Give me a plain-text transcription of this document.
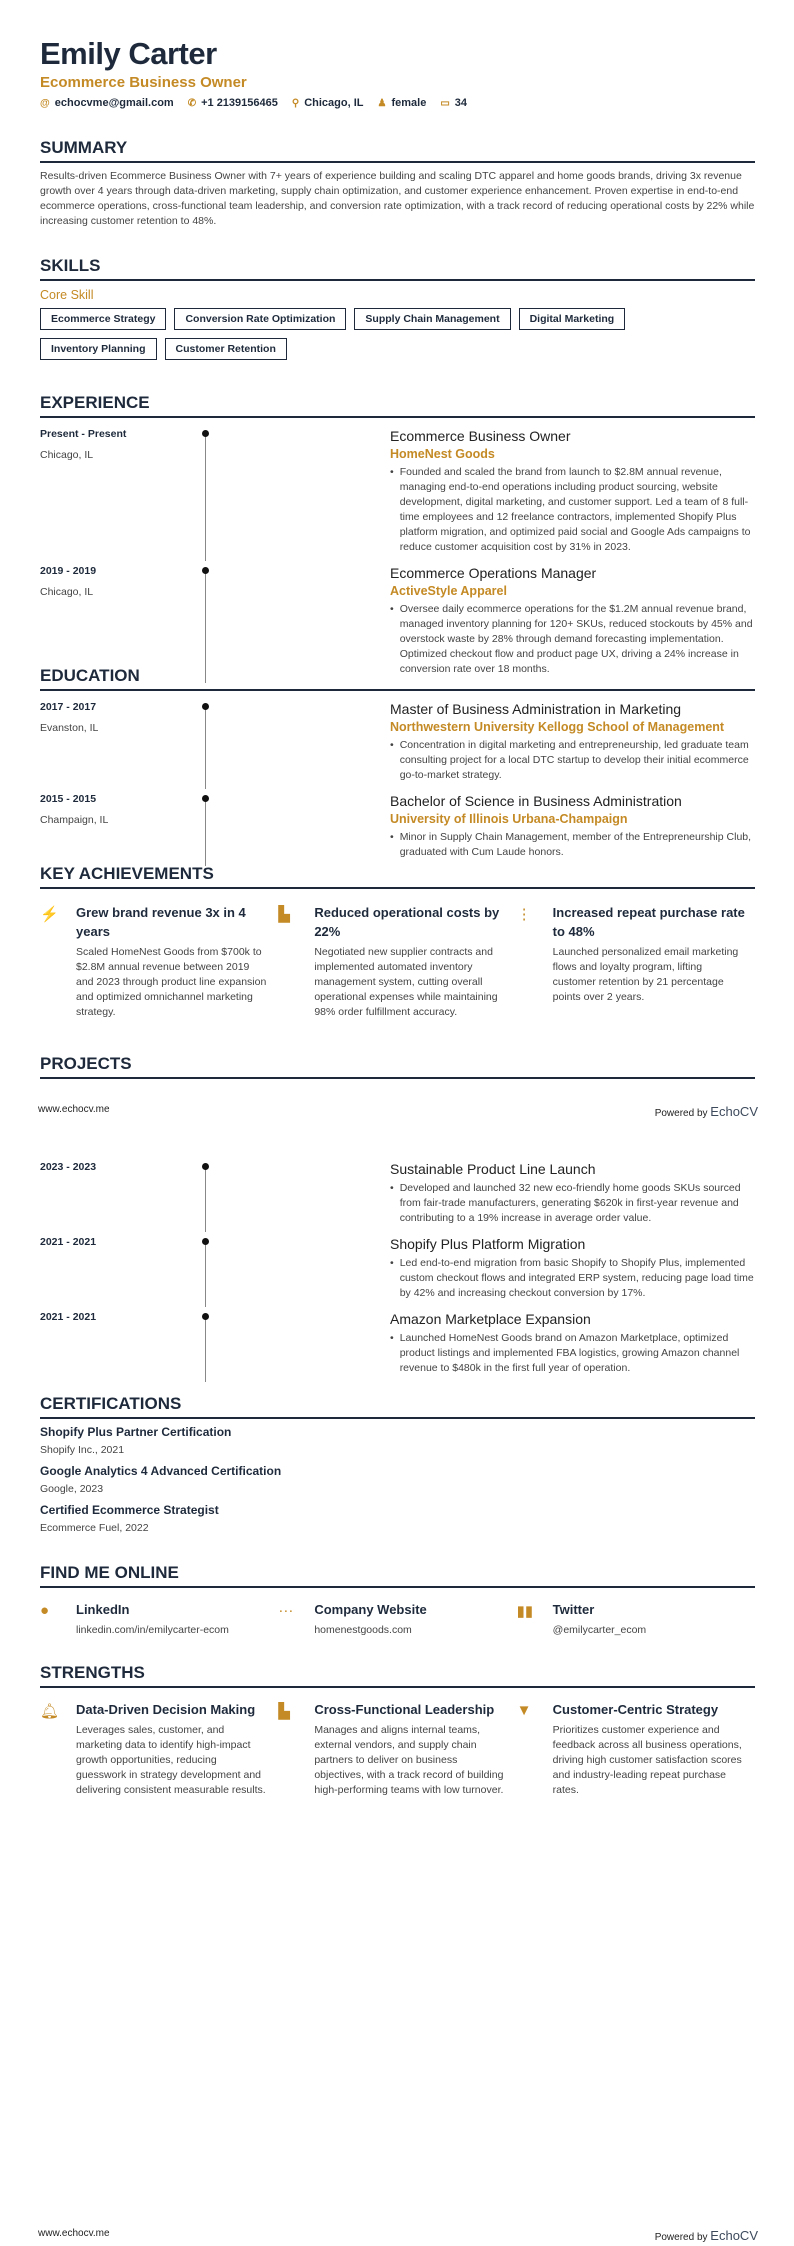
Emily Carter
Ecommerce Business Owner
@ echocvme@gmail.com ✆ +1 2139156465 ⚲ Chicago, IL ♟ female ▭ 34
SUMMARY
Results-driven Ecommerce Business Owner with 7+ years of experience building and scaling DTC apparel and home goods brands, driving 3x revenue growth over 4 years through data-driven marketing, supply chain optimization, and customer experience enhancement. Proven expertise in end-to-end ecommerce operations, cross-functional team leadership, and conversion rate optimization, with a track record of reducing operational costs by 22% while increasing customer retention to 48%.
SKILLS
Core Skill
Ecommerce Strategy	Conversion Rate Optimization	Supply Chain Management	Digital Marketing
Inventory Planning	Customer Retention
EXPERIENCE
Present - Present
Chicago, IL
Ecommerce Business Owner
HomeNest Goods
• Founded and scaled the brand from launch to $2.8M annual revenue, managing end-to-end operations including product sourcing, website development, digital marketing, and customer support. Led a team of 8 full-time employees and 12 freelance contractors, implemented Shopify Plus platform migration, and optimized paid social and Google Ads campaigns to reduce customer acquisition cost by 31% in 2023.
2019 - 2019
Chicago, IL
Ecommerce Operations Manager
ActiveStyle Apparel
• Oversee daily ecommerce operations for the $1.2M annual revenue brand, managed inventory planning for 120+ SKUs, reduced stockouts by 45% and overstock waste by 28% through demand forecasting implementation. Optimized checkout flow and product page UX, driving a 24% increase in conversion rate over 18 months.
EDUCATION
2017 - 2017
Evanston, IL
Master of Business Administration in Marketing
Northwestern University Kellogg School of Management
• Concentration in digital marketing and entrepreneurship, led graduate team consulting project for a local DTC startup to develop their initial ecommerce go-to-market strategy.
2015 - 2015
Champaign, IL
Bachelor of Science in Business Administration
University of Illinois Urbana-Champaign
• Minor in Supply Chain Management, member of the Entrepreneurship Club, graduated with Cum Laude honors.
KEY ACHIEVEMENTS
⚡	Grew brand revenue 3x in 4 years
Scaled HomeNest Goods from $700k to $2.8M annual revenue between 2019 and 2023 through product line expansion and optimized omnichannel marketing strategy.
▙	Reduced operational costs by 22%
Negotiated new supplier contracts and implemented automated inventory management system, cutting overall operational expenses while maintaining 98% order fulfillment accuracy.
⋮	Increased repeat purchase rate to 48%
Launched personalized email marketing flows and loyalty program, lifting customer retention by 21 percentage points over 2 years.
PROJECTS
www.echocv.me	Powered by EchoCV
2023 - 2023	Sustainable Product Line Launch
• Developed and launched 32 new eco-friendly home goods SKUs sourced from fair-trade manufacturers, generating $620k in first-year revenue and contributing to a 19% increase in average order value.
2021 - 2021	Shopify Plus Platform Migration
• Led end-to-end migration from basic Shopify to Shopify Plus, implemented custom checkout flows and integrated ERP system, reducing page load time by 42% and increasing checkout conversion by 17%.
2021 - 2021	Amazon Marketplace Expansion
• Launched HomeNest Goods brand on Amazon Marketplace, optimized product listings and implemented FBA logistics, growing Amazon channel revenue to $480k in the first full year of operation.
CERTIFICATIONS
Shopify Plus Partner Certification
Shopify Inc., 2021
Google Analytics 4 Advanced Certification
Google, 2023
Certified Ecommerce Strategist
Ecommerce Fuel, 2022
FIND ME ONLINE
●	LinkedIn
linkedin.com/in/emilycarter-ecom
···	Company Website
homenestgoods.com
▮▮	Twitter
@emilycarter_ecom
STRENGTHS
🔔︎	Data-Driven Decision Making
Leverages sales, customer, and marketing data to identify high-impact growth opportunities, reducing guesswork in strategy development and delivering consistent measurable results.
▙	Cross-Functional Leadership
Manages and aligns internal teams, external vendors, and supply chain partners to deliver on business objectives, with a track record of building high-performing teams with low turnover.
▼	Customer-Centric Strategy
Prioritizes customer experience and feedback across all business operations, driving high customer satisfaction scores and industry-leading repeat purchase rates.
www.echocv.me	Powered by EchoCV
